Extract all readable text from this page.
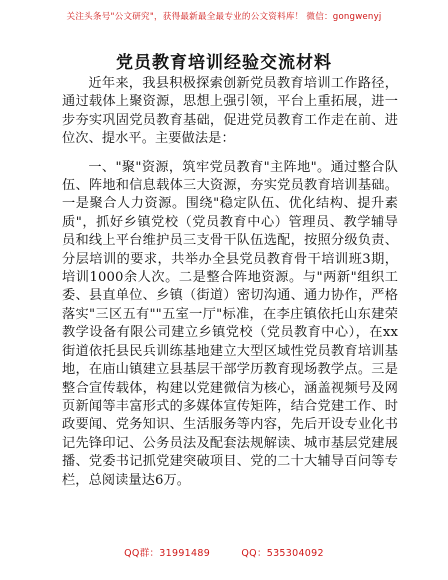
关注头条号"公文研究"，获得最新最全最专业的公文资料库！ 微信：gongwenyj
党员教育培训经验交流材料

近年来，我县积极探索创新党员教育培训工作路径，通过载体上聚资源，思想上强引领，平台上重拓展，进一步夯实巩固党员教育基础，促进党员教育工作走在前、进位次、提水平。主要做法是：

一、"聚"资源，筑牢党员教育"主阵地"。通过整合队伍、阵地和信息载体三大资源，夯实党员教育培训基础。一是聚合人力资源。围绕"稳定队伍、优化结构、提升素质"，抓好乡镇党校（党员教育中心）管理员、教学辅导员和线上平台维护员三支骨干队伍选配，按照分级负责、分层培训的要求，共举办全县党员教育骨干培训班3期，培训1000余人次。二是整合阵地资源。与"两新"组织工委、县直单位、乡镇（街道）密切沟通、通力协作，严格落实"三区五有""五室一厅"标准，在李庄镇依托山东建荣教学设备有限公司建立乡镇党校（党员教育中心），在xx街道依托县民兵训练基地建立大型区域性党员教育培训基地，在庙山镇建立县基层干部学历教育现场教学点。三是整合宣传载体，构建以党建微信为核心，涵盖视频号及网页新闻等丰富形式的多媒体宣传矩阵，结合党建工作、时政要闻、党务知识、生活服务等内容，先后开设专业化书记先锋印记、公务员法及配套法规解读、城市基层党建展播、党委书记抓党建突破项目、党的二十大辅导百问等专栏，总阅读量达6万。

QQ群：31991489	QQ：535304092
